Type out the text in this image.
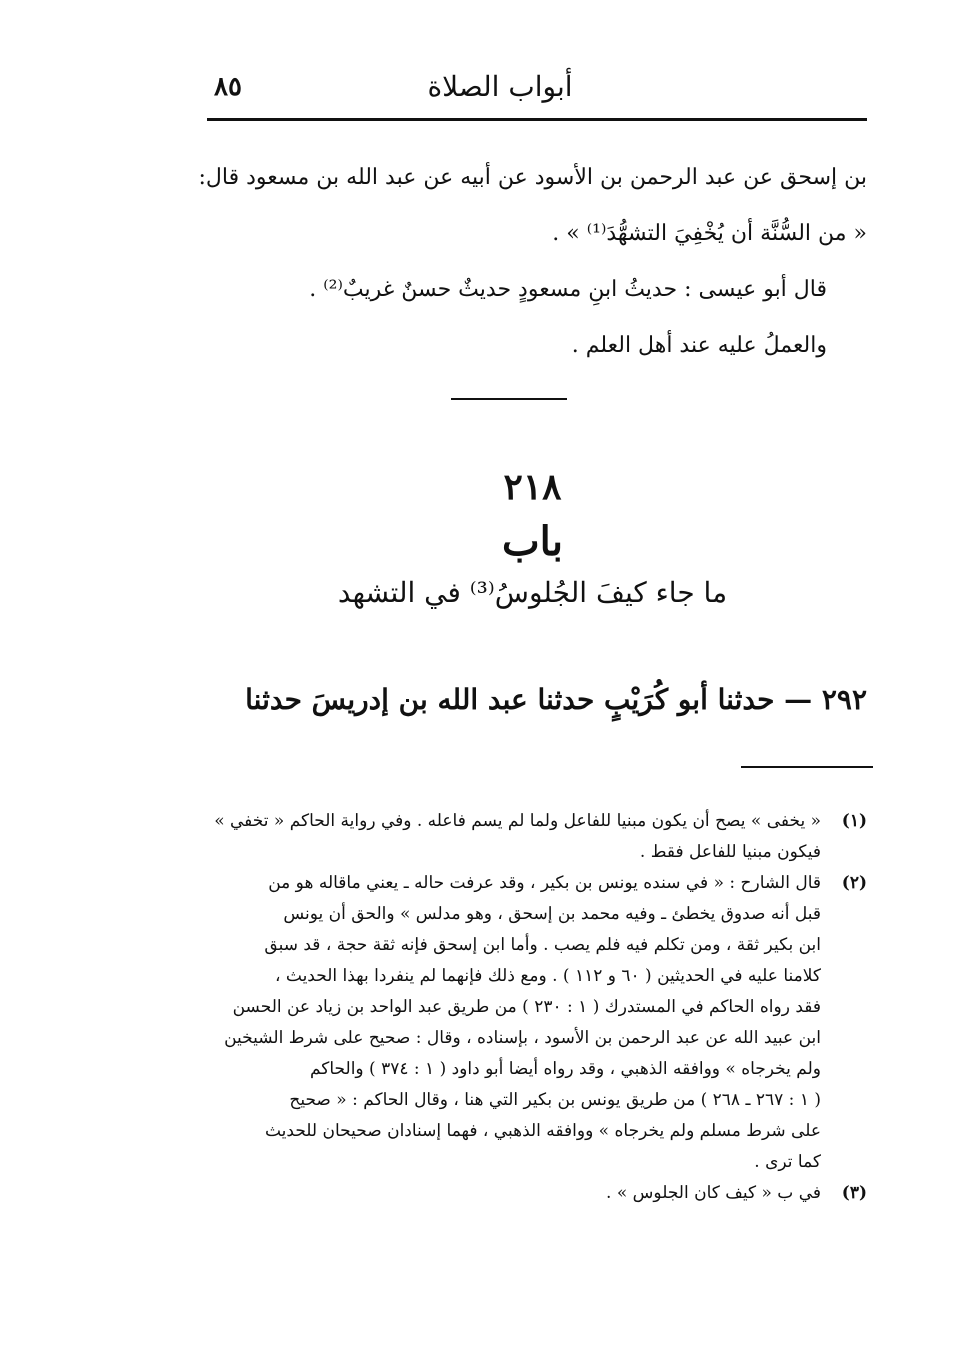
٨٥	أبواب الصلاة

بن إسحق عن عبد الرحمن بن الأسود عن أبيه عن عبد الله بن مسعود قال:

« من السُّنَّة أن يُخْفِيَ التشهُّدَ⁽¹⁾ » .

قال أبو عيسى : حديثُ ابنِ مسعودٍ حديثٌ حسنٌ غريبٌ⁽²⁾ .

والعملُ عليه عند أهل العلم .

٢١٨
باب
ما جاء كيفَ الجُلوسُ⁽³⁾ في التشهد
٢٩٢ — حدثنا أبو كُرَيْبٍ حدثنا عبد الله بن إدريسَ حدثنا
(١)

« يخفى » يصح أن يكون مبنيا للفاعل ولما لم يسم فاعله . وفي رواية الحاكم « تخفي »

فيكون مبنيا للفاعل فقط .

(٢)

قال الشارح : « في سنده يونس بن بكير ، وقد عرفت حاله ـ يعني ماقاله هو من

قبل أنه صدوق يخطئ ـ وفيه محمد بن إسحق ، وهو مدلس » والحق أن يونس

ابن بكير ثقة ، ومن تكلم فيه فلم يصب . وأما ابن إسحق فإنه ثقة حجة ، قد سبق

كلامنا عليه في الحديثين ( ٦٠ و ١١٢ ) . ومع ذلك فإنهما لم ينفردا بهذا الحديث ،

فقد رواه الحاكم في المستدرك ( ١ : ٢٣٠ ) من طريق عبد الواحد بن زياد عن الحسن

ابن عبيد الله عن عبد الرحمن بن الأسود ، بإسناده ، وقال : صحيح على شرط الشيخين

ولم يخرجاه » ووافقه الذهبي ، وقد رواه أيضا أبو داود ( ١ : ٣٧٤ ) والحاكم

( ١ : ٢٦٧ ـ ٢٦٨ ) من طريق يونس بن بكير التي هنا ، وقال الحاكم : « صحيح

على شرط مسلم ولم يخرجاه » ووافقه الذهبي ، فهما إسنادان صحيحان للحديث

كما ترى .

(٣)

في ب « كيف كان الجلوس » .
